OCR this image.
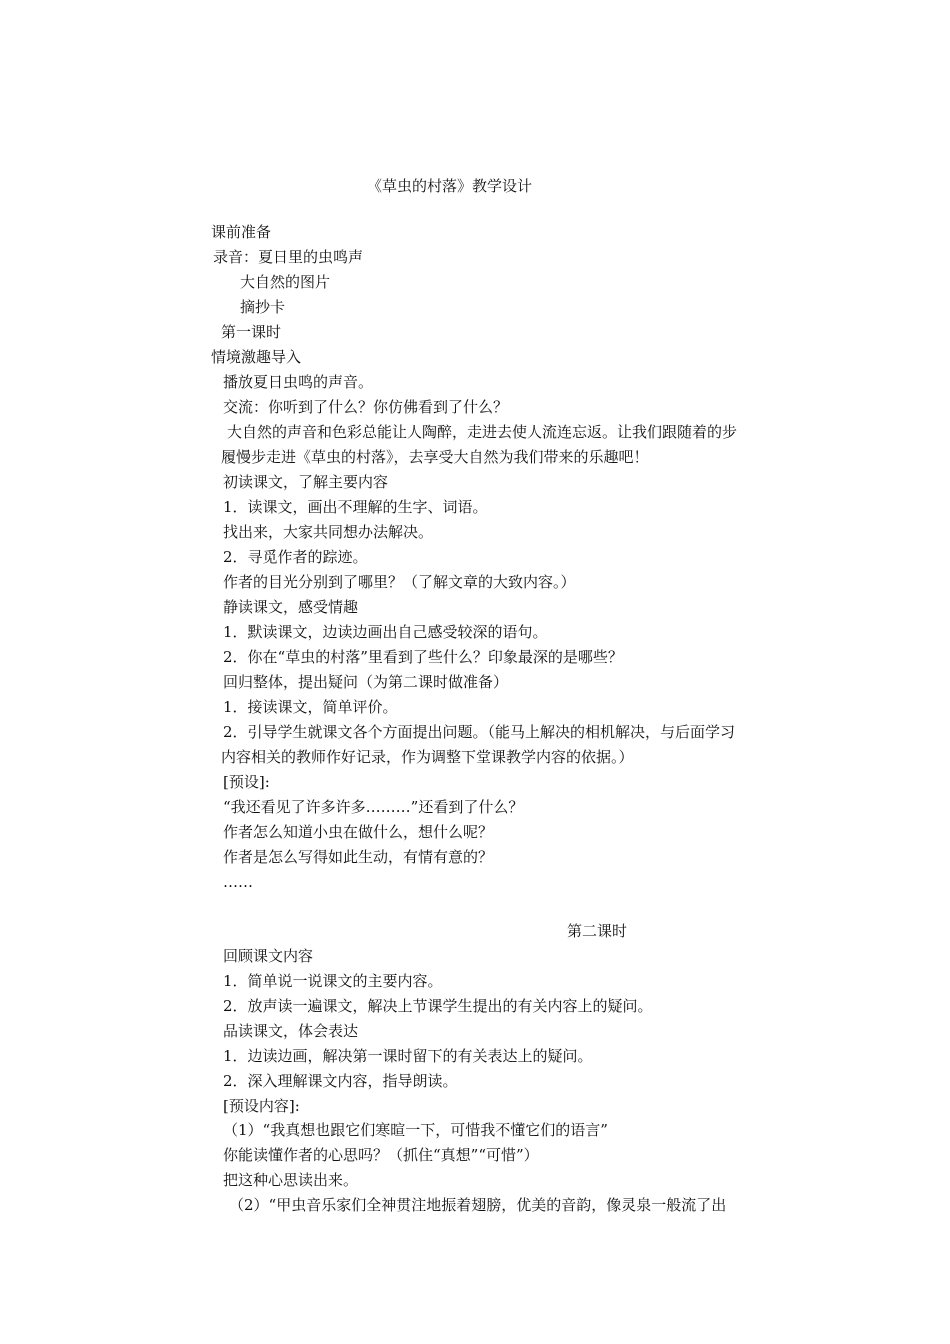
《草虫的村落》教学设计
课前准备
录音：夏日里的虫鸣声
大自然的图片
摘抄卡
第一课时
情境激趣导入
播放夏日虫鸣的声音。
交流：你听到了什么？你仿佛看到了什么？
大自然的声音和色彩总能让人陶醉，走进去使人流连忘返。让我们跟随着的步
履慢步走进《草虫的村落》，去享受大自然为我们带来的乐趣吧！
初读课文，了解主要内容
1．读课文，画出不理解的生字、词语。
找出来，大家共同想办法解决。
2．寻觅作者的踪迹。
作者的目光分别到了哪里？（了解文章的大致内容。）
静读课文，感受情趣
1．默读课文，边读边画出自己感受较深的语句。
2．你在“草虫的村落”里看到了些什么？印象最深的是哪些？
回归整体，提出疑问（为第二课时做准备）
1．接读课文，简单评价。
2．引导学生就课文各个方面提出问题。（能马上解决的相机解决，与后面学习
内容相关的教师作好记录，作为调整下堂课教学内容的依据。）
[预设]:
“我还看见了许多许多………”还看到了什么？
作者怎么知道小虫在做什么，想什么呢？
作者是怎么写得如此生动，有情有意的？
……
第二课时
回顾课文内容
1．简单说一说课文的主要内容。
2．放声读一遍课文，解决上节课学生提出的有关内容上的疑问。
品读课文，体会表达
1．边读边画，解决第一课时留下的有关表达上的疑问。
2．深入理解课文内容，指导朗读。
[预设内容]:
（1）“我真想也跟它们寒暄一下，可惜我不懂它们的语言”
你能读懂作者的心思吗？（抓住“真想”“可惜”）
把这种心思读出来。
（2）“甲虫音乐家们全神贯注地振着翅膀，优美的音韵，像灵泉一般流了出
